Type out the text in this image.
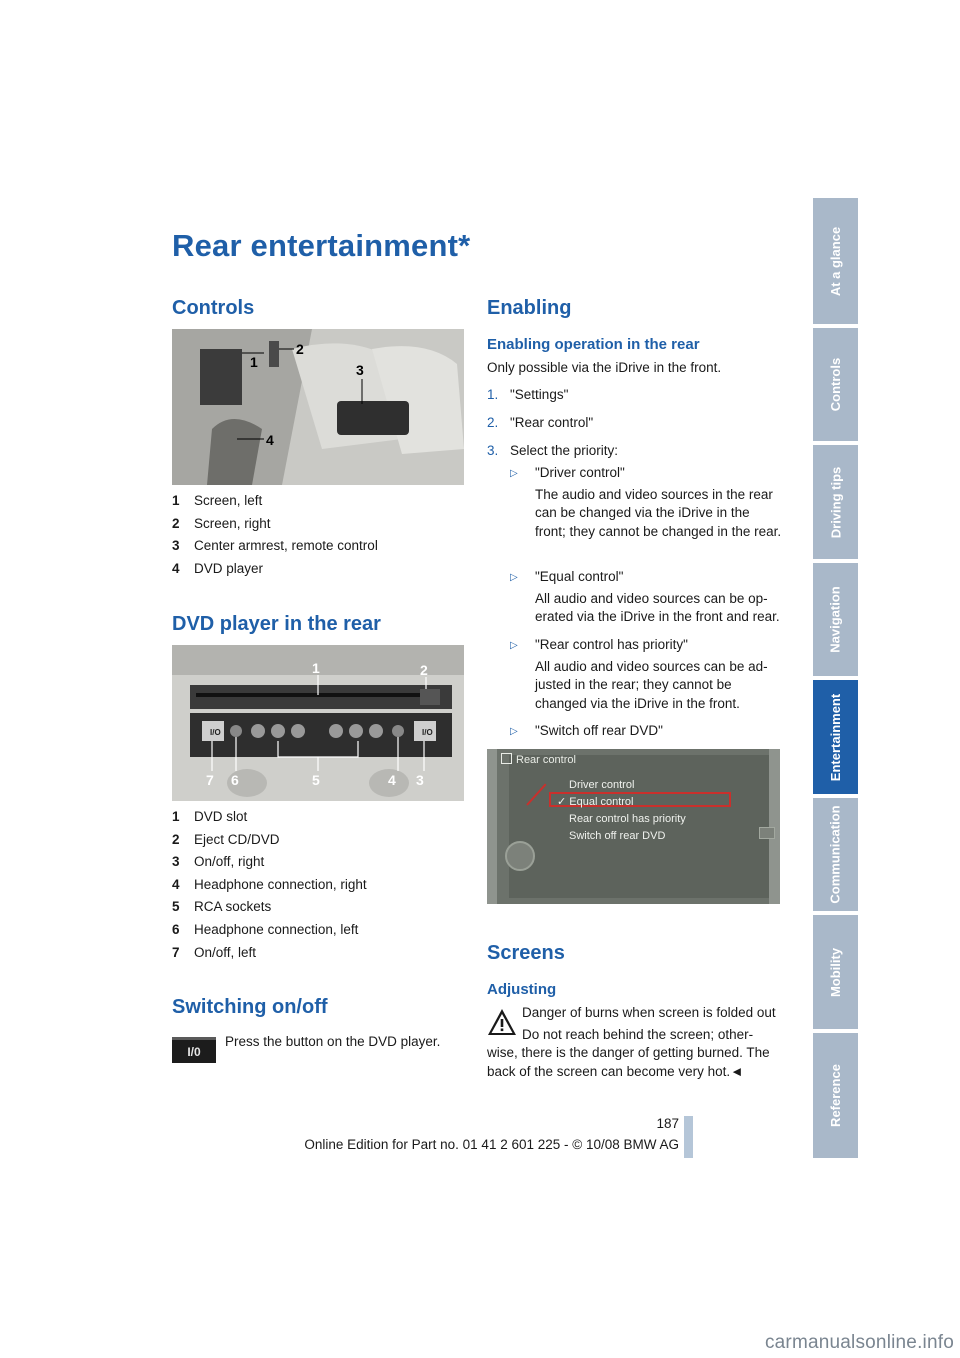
Rear entertainment*
Controls
1
2
3
4
1	Screen, left
2	Screen, right
3	Center armrest, remote control
4	DVD player
DVD player in the rear
I/O	I/O
1	2
7 6	5	4 3
1	DVD slot
2	Eject CD/DVD
3	On/off, right
4	Headphone connection, right
5	RCA sockets
6	Headphone connection, left
7	On/off, left
Switching on/off
I/0
Press the button on the DVD player.
Enabling
Enabling operation in the rear
Only possible via the iDrive in the front.
1. "Settings"
2. "Rear control"
3. Select the priority:
▷ "Driver control"
The audio and video sources in the rear can be changed via the iDrive in the front; they cannot be changed in the rear.
▷ "Equal control"
All audio and video sources can be op-erated via the iDrive in the front and rear.
▷ "Rear control has priority"
All audio and video sources can be ad-justed in the rear; they cannot be changed via the iDrive in the front.
▷ "Switch off rear DVD"
Rear control
Driver control
✓ Equal control
Rear control has priority
Switch off rear DVD
Screens
Adjusting
Danger of burns when screen is folded out
Do not reach behind the screen; other-wise, there is the danger of getting burned. The back of the screen can become very hot.◄
At a glance
Controls
Driving tips
Navigation
Entertainment
Communication
Mobility
Reference
187
Online Edition for Part no. 01 41 2 601 225 - © 10/08 BMW AG
carmanualsonline.info
